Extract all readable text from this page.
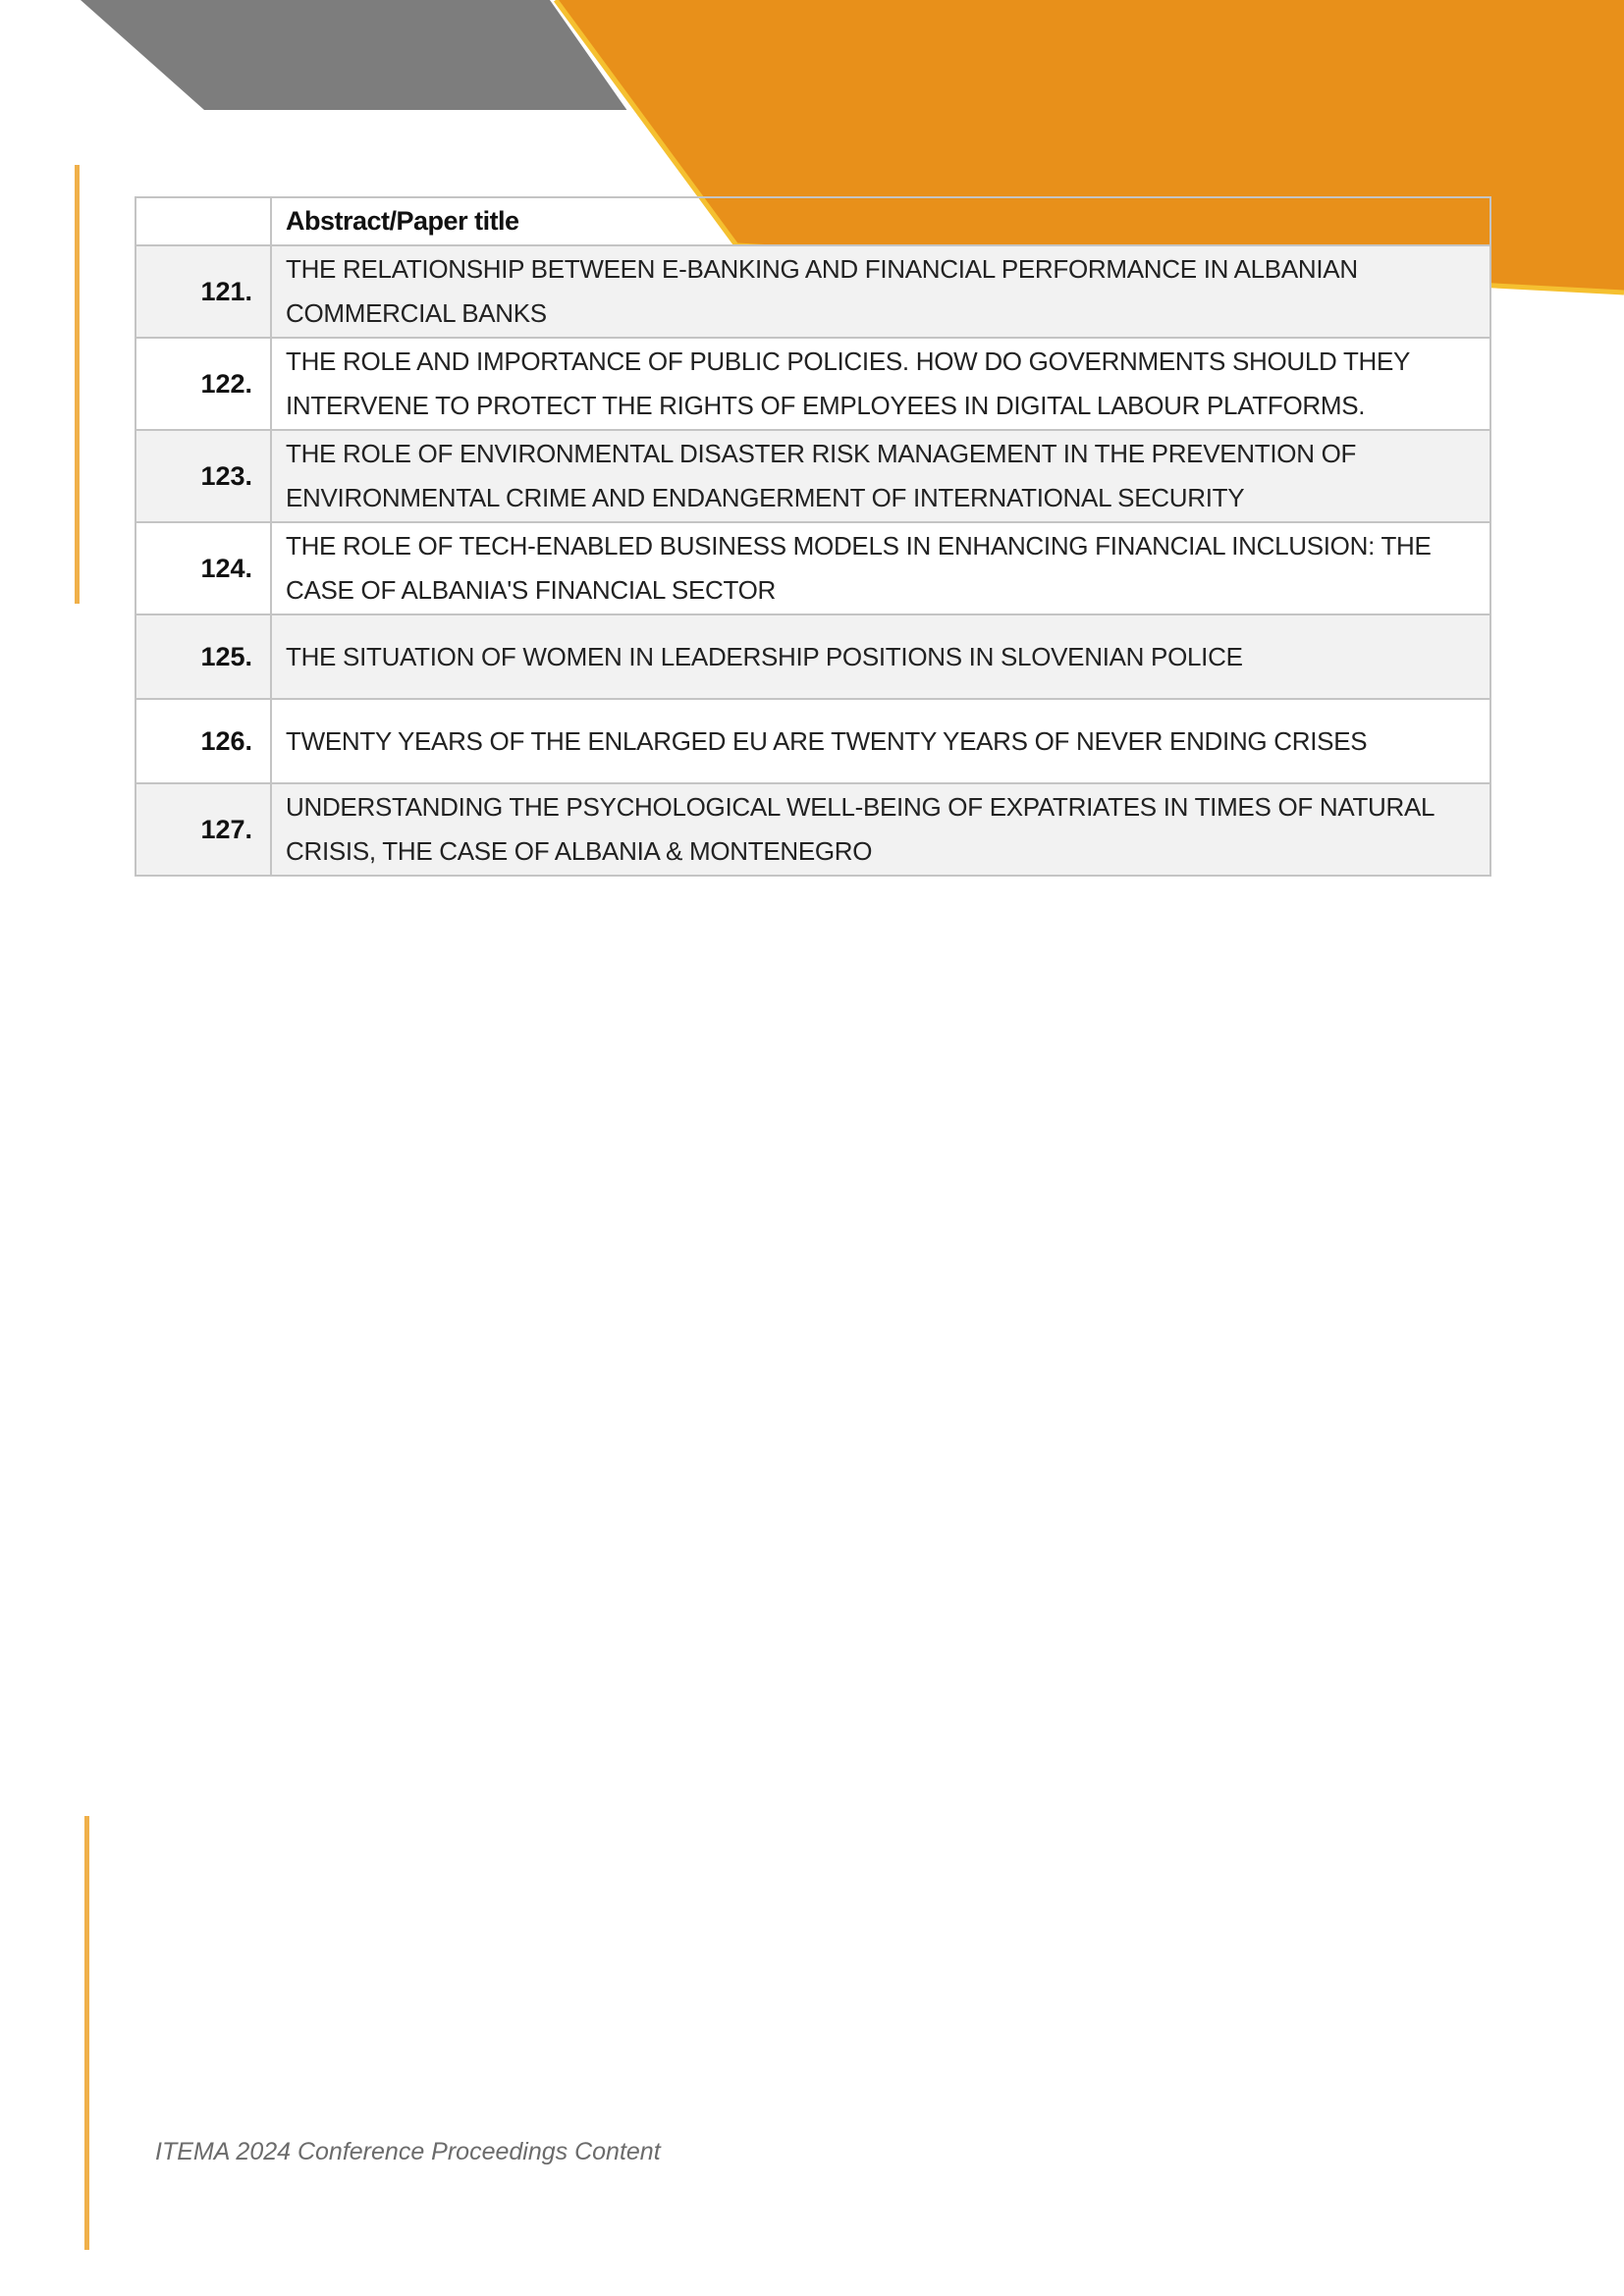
	Abstract/Paper title
121.	THE RELATIONSHIP BETWEEN E-BANKING AND FINANCIAL PERFORMANCE IN ALBANIAN COMMERCIAL BANKS
122.	THE ROLE AND IMPORTANCE OF PUBLIC POLICIES. HOW DO GOVERNMENTS SHOULD THEY INTERVENE TO PROTECT THE RIGHTS OF EMPLOYEES IN DIGITAL LABOUR PLATFORMS.
123.	THE ROLE OF ENVIRONMENTAL DISASTER RISK MANAGEMENT IN THE PREVENTION OF ENVIRONMENTAL CRIME AND ENDANGERMENT OF INTERNATIONAL SECURITY
124.	THE ROLE OF TECH-ENABLED BUSINESS MODELS IN ENHANCING FINANCIAL INCLUSION: THE CASE OF ALBANIA'S FINANCIAL SECTOR
125.	THE SITUATION OF WOMEN IN LEADERSHIP POSITIONS IN SLOVENIAN POLICE
126.	TWENTY YEARS OF THE ENLARGED EU ARE TWENTY YEARS OF NEVER ENDING CRISES
127.	UNDERSTANDING THE PSYCHOLOGICAL WELL-BEING OF EXPATRIATES IN TIMES OF NATURAL CRISIS, THE CASE OF ALBANIA & MONTENEGRO
ITEMA 2024 Conference Proceedings Content
